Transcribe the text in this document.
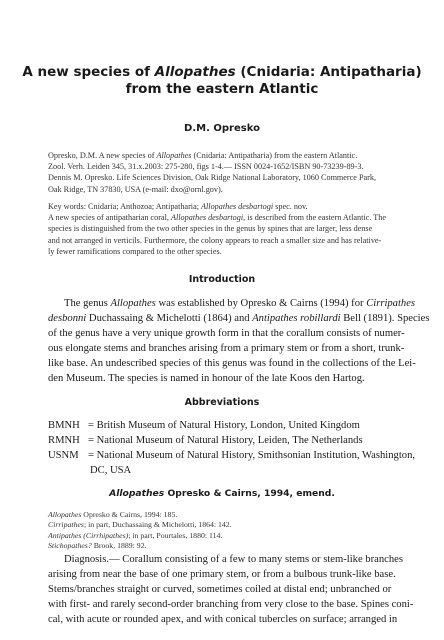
A new species of Allopathes (Cnidaria: Antipatharia)
from the eastern Atlantic
D.M. Opresko

Opresko, D.M. A new species of Allopathes (Cnidaria: Antipatharia) from the eastern Atlantic.

Zool. Verh. Leiden 345, 31.x.2003: 275-280, figs 1-4.— ISSN 0024-1652/ISBN 90-73239-89-3.

Dennis M. Opresko. Life Sciences Division, Oak Ridge National Laboratory, 1060 Commerce Park,

Oak Ridge, TN 37830, USA (e-mail: dxo@ornl.gov).

Key words: Cnidaria; Anthozoa; Antipatharia; Allopathes desbartogi spec. nov.

A new species of antipatharian coral, Allopathes desbartogi, is described from the eastern Atlantic. The

species is distinguished from the two other species in the genus by spines that are larger, less dense

and not arranged in verticils. Furthermore, the colony appears to reach a smaller size and has relative-

ly fewer ramifications compared to the other species.

Introduction

The genus Allopathes was established by Opresko & Cairns (1994) for Cirripathes

desbonni Duchassaing & Michelotti (1864) and Antipathes robillardi Bell (1891). Species

of the genus have a very unique growth form in that the corallum consists of numer-

ous elongate stems and branches arising from a primary stem or from a short, trunk-

like base. An undescribed species of this genus was found in the collections of the Lei-

den Museum. The species is named in honour of the late Koos den Hartog.

Abbreviations
BMNH = British Museum of Natural History, London, United Kingdom
RMNH = National Museum of Natural History, Leiden, The Netherlands
USNM = National Museum of Natural History, Smithsonian Institution, Washington,
DC, USA
Allopathes Opresko & Cairns, 1994, emend.

Allopathes Opresko & Cairns, 1994: 185.

Cirripathes; in part, Duchassaing & Michelotti, 1864: 142.

Antipathes (Cirrhipathes); in part, Pourtales, 1880: 114.

Stichopathes? Brook, 1889: 92.

Diagnosis.— Corallum consisting of a few to many stems or stem-like branches

arising from near the base of one primary stem, or from a bulbous trunk-like base.

Stems/branches straight or curved, sometimes coiled at distal end; unbranched or

with first- and rarely second-order branching from very close to the base. Spines coni-

cal, with acute or rounded apex, and with conical tubercles on surface; arranged in
